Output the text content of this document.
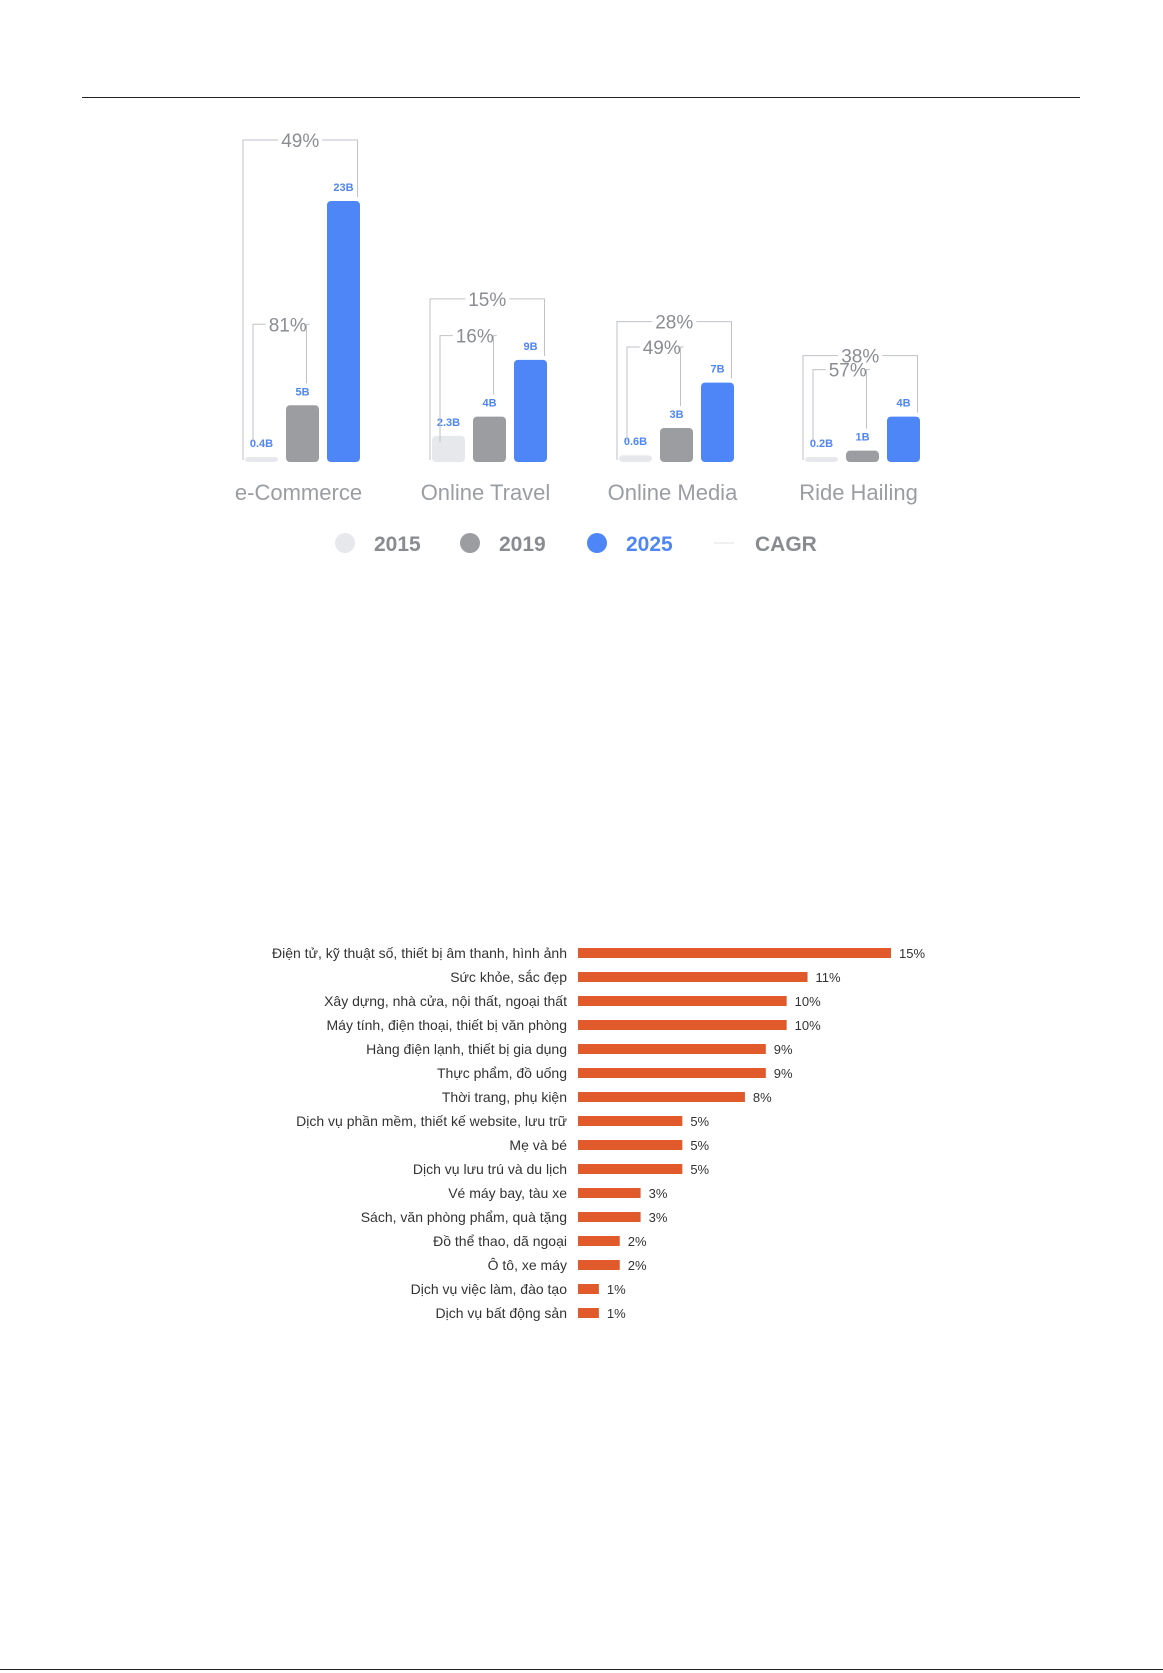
0.4B
5B
23B
49%
81%
e-Commerce
2.3B
4B
9B
15%
16%
Online Travel
0.6B
3B
7B
28%
49%
Online Media
0.2B
1B
4B
38%
57%
Ride Hailing
2015	2019	2025	CAGR
Điện tử, kỹ thuật số, thiết bị âm thanh, hình ảnh	15%
Sức khỏe, sắc đẹp	11%
Xây dựng, nhà cửa, nội thất, ngoại thất	10%
Máy tính, điện thoại, thiết bị văn phòng	10%
Hàng điện lạnh, thiết bị gia dụng	9%
Thực phẩm, đồ uống	9%
Thời trang, phụ kiện	8%
Dịch vụ phần mềm, thiết kế website, lưu trữ	5%
Mẹ và bé	5%
Dịch vụ lưu trú và du lịch	5%
Vé máy bay, tàu xe	3%
Sách, văn phòng phẩm, quà tặng	3%
Đồ thể thao, dã ngoại	2%
Ô tô, xe máy	2%
Dịch vụ việc làm, đào tạo	1%
Dịch vụ bất động sản	1%
